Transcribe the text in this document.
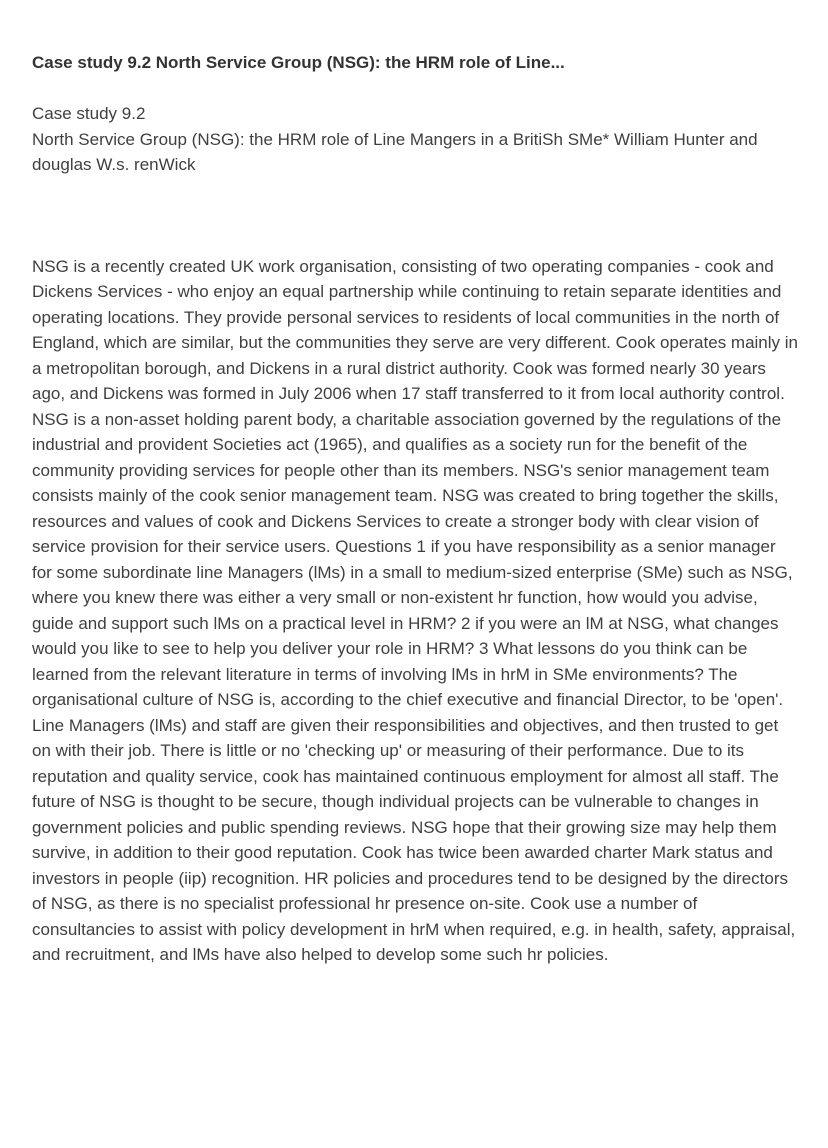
Case study 9.2 North Service Group (NSG): the HRM role of Line...
Case study 9.2
North Service Group (NSG): the HRM role of Line Mangers in a BritiSh SMe* William Hunter and douglas W.s. renWick

NSG is a recently created UK work organisation, consisting of two operating companies - cook and Dickens Services - who enjoy an equal partnership while continuing to retain separate identities and operating locations. They provide personal services to residents of local communities in the north of England, which are similar, but the communities they serve are very different. Cook operates mainly in a metropolitan borough, and Dickens in a rural district authority. Cook was formed nearly 30 years ago, and Dickens was formed in July 2006 when 17 staff transferred to it from local authority control. NSG is a non-asset holding parent body, a charitable association governed by the regulations of the industrial and provident Societies act (1965), and qualifies as a society run for the benefit of the community providing services for people other than its members. NSG's senior management team consists mainly of the cook senior management team. NSG was created to bring together the skills, resources and values of cook and Dickens Services to create a stronger body with clear vision of service provision for their service users. Questions 1 if you have responsibility as a senior manager for some subordinate line Managers (lMs) in a small to medium-sized enterprise (SMe) such as NSG, where you knew there was either a very small or non-existent hr function, how would you advise, guide and support such lMs on a practical level in HRM? 2 if you were an lM at NSG, what changes would you like to see to help you deliver your role in HRM? 3 What lessons do you think can be learned from the relevant literature in terms of involving lMs in hrM in SMe environments? The organisational culture of NSG is, according to the chief executive and financial Director, to be 'open'. Line Managers (lMs) and staff are given their responsibilities and objectives, and then trusted to get on with their job. There is little or no 'checking up' or measuring of their performance. Due to its reputation and quality service, cook has maintained continuous employment for almost all staff. The future of NSG is thought to be secure, though individual projects can be vulnerable to changes in government policies and public spending reviews. NSG hope that their growing size may help them survive, in addition to their good reputation. Cook has twice been awarded charter Mark status and investors in people (iip) recognition. HR policies and procedures tend to be designed by the directors of NSG, as there is no specialist professional hr presence on-site. Cook use a number of consultancies to assist with policy development in hrM when required, e.g. in health, safety, appraisal, and recruitment, and lMs have also helped to develop some such hr policies.
